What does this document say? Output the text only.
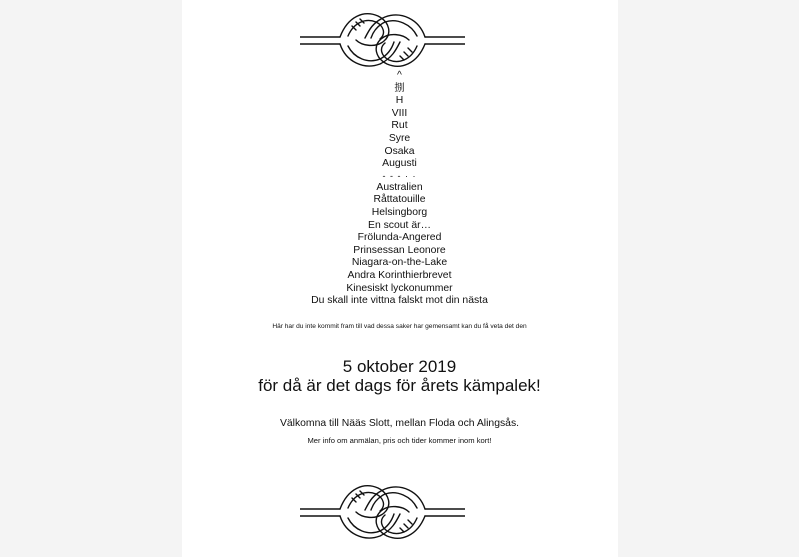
^
捌
H
VIII
Rut
Syre
Osaka
Augusti
- - - · ·
Australien
Råttatouille
Helsingborg
En scout är…
Frölunda-Angered
Prinsessan Leonore
Niagara-on-the-Lake
Andra Korinthierbrevet
Kinesiskt lyckonummer
Du skall inte vittna falskt mot din nästa
Här har du inte kommit fram till vad dessa saker har gemensamt kan du få veta det den
5 oktober 2019
för då är det dags för årets kämpalek!
Välkomna till Nääs Slott, mellan Floda och Alingsås.
Mer info om anmälan, pris och tider kommer inom kort!
